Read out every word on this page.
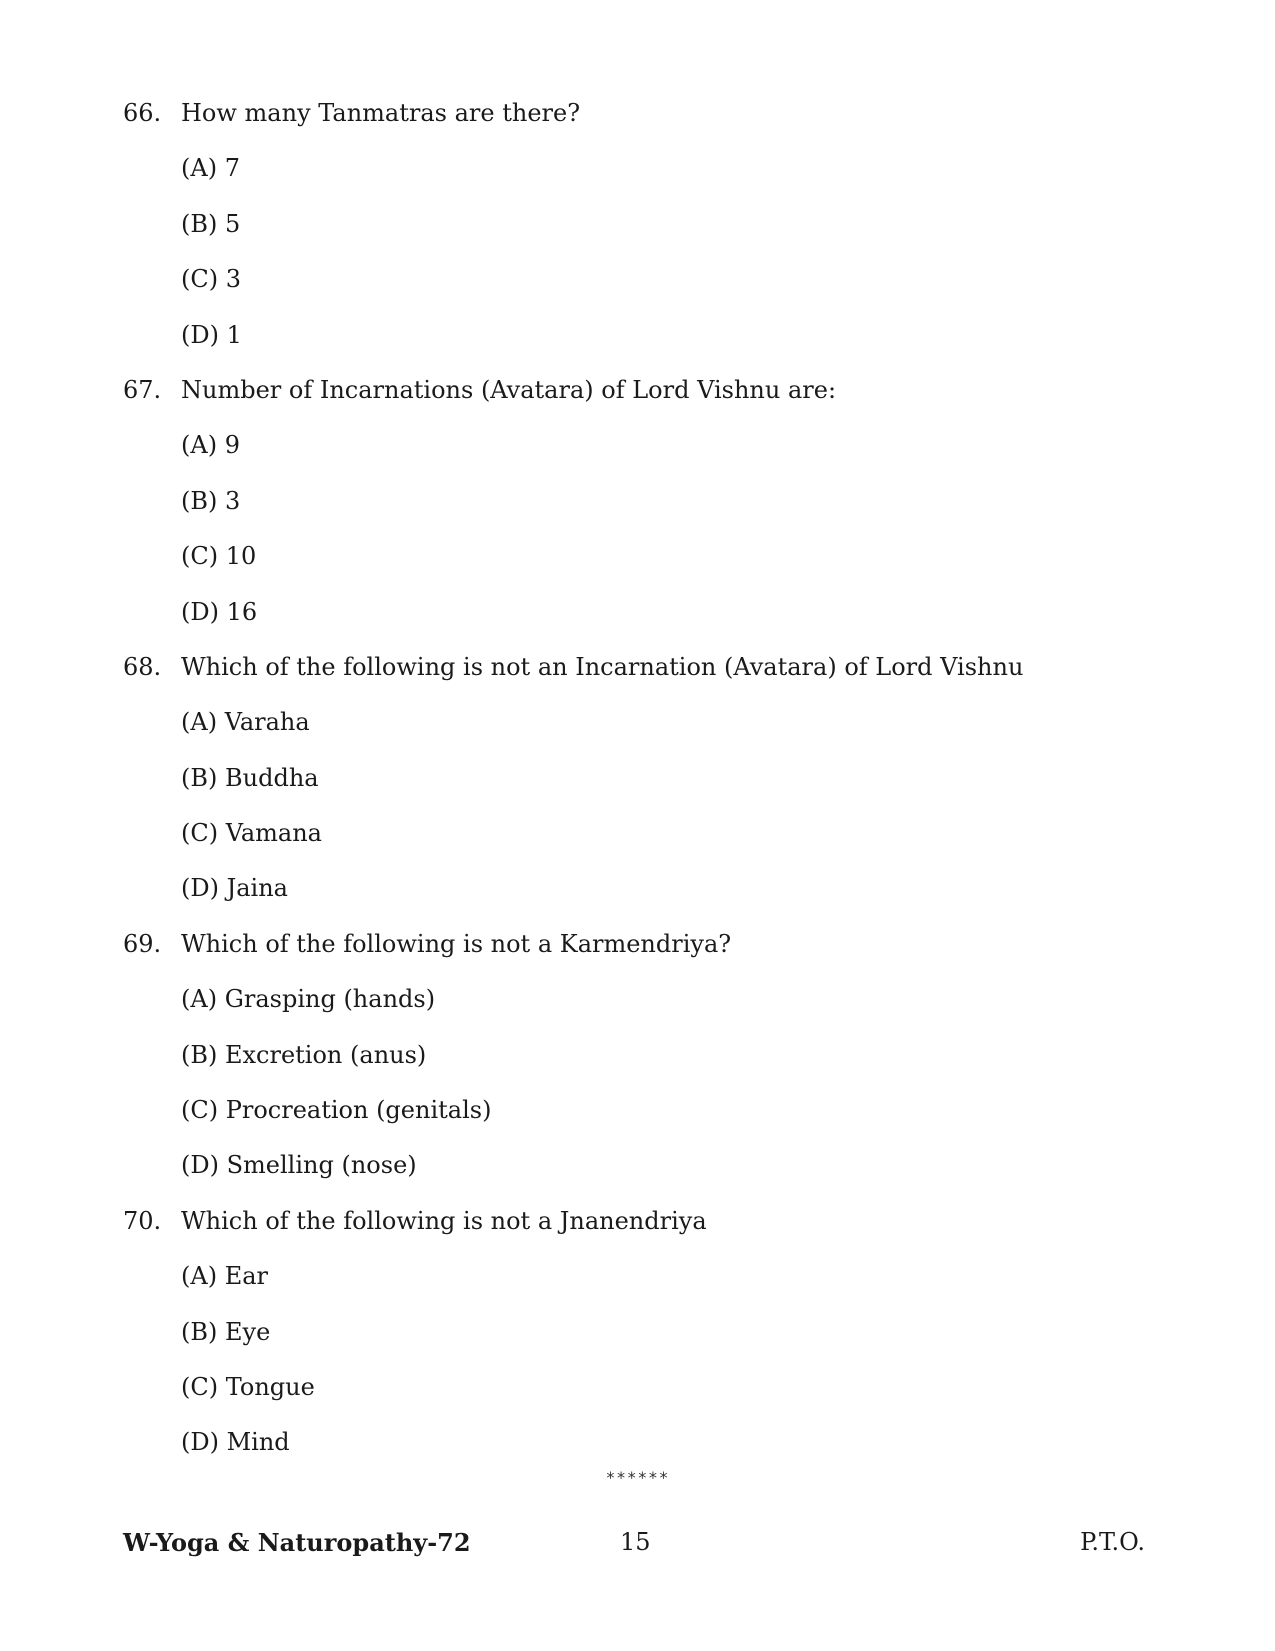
66. How many Tanmatras are there?
(A) 7
(B) 5
(C) 3
(D) 1
67. Number of Incarnations (Avatara) of Lord Vishnu are:
(A) 9
(B) 3
(C) 10
(D) 16
68. Which of the following is not an Incarnation (Avatara) of Lord Vishnu
(A) Varaha
(B) Buddha
(C) Vamana
(D) Jaina
69. Which of the following is not a Karmendriya?
(A) Grasping (hands)
(B) Excretion (anus)
(C) Procreation (genitals)
(D) Smelling (nose)
70. Which of the following is not a Jnanendriya
(A) Ear
(B) Eye
(C) Tongue
(D) Mind
******
W-Yoga & Naturopathy-72	15	P.T.O.
